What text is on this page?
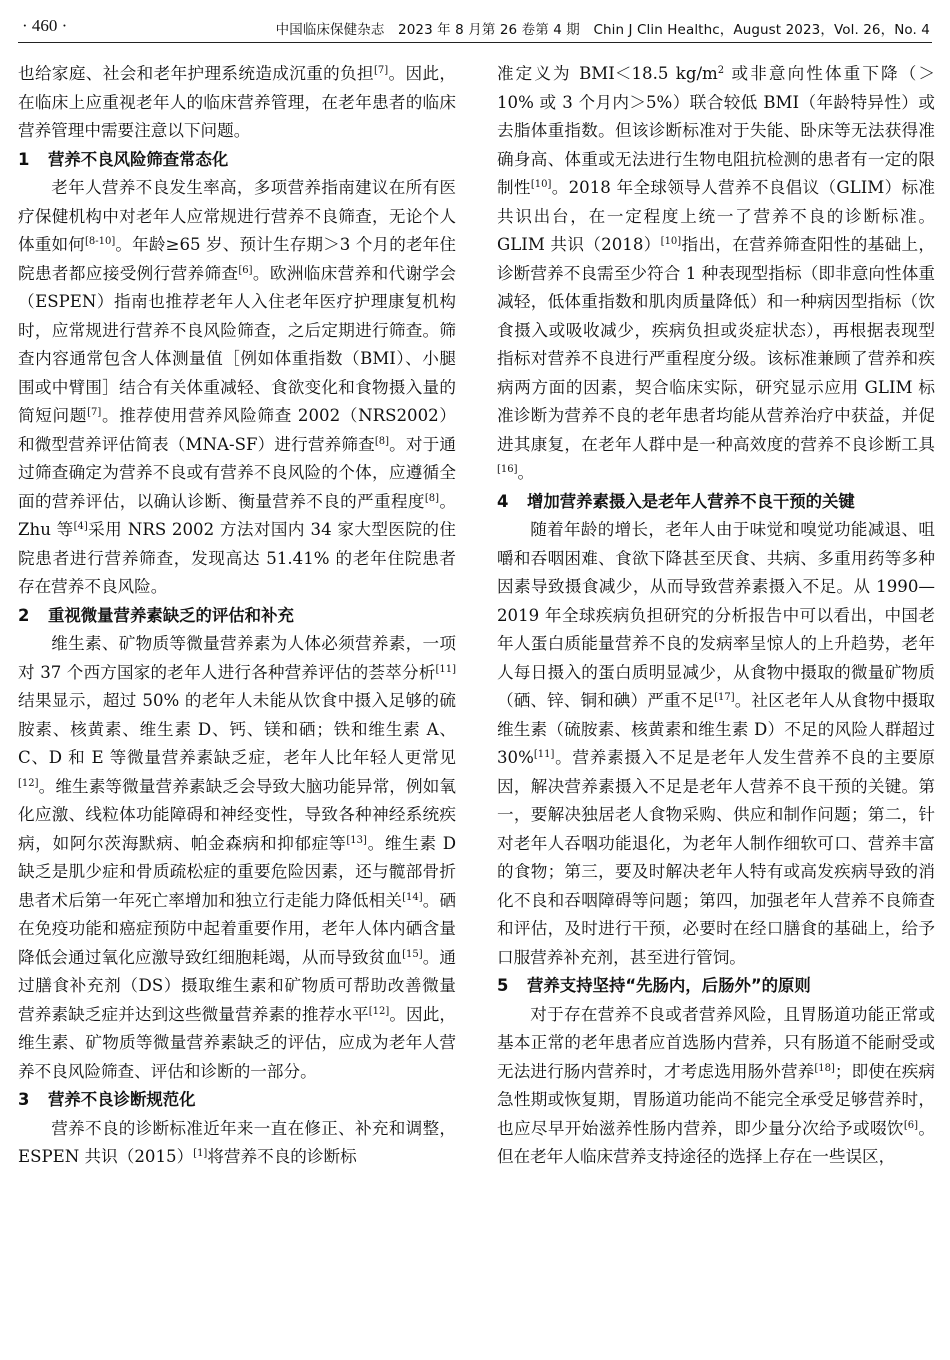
· 460 ·	中国临床保健杂志　2023 年 8 月第 26 卷第 4 期　Chin J Clin Healthc，August 2023，Vol. 26，No. 4

也给家庭、社会和老年护理系统造成沉重的负担[7]。因此，在临床上应重视老年人的临床营养管理，在老年患者的临床营养管理中需要注意以下问题。

1 营养不良风险筛查常态化

老年人营养不良发生率高，多项营养指南建议在所有医疗保健机构中对老年人应常规进行营养不良筛查，无论个人体重如何[8-10]。年龄≥65 岁、预计生存期＞3 个月的老年住院患者都应接受例行营养筛查[6]。欧洲临床营养和代谢学会（ESPEN）指南也推荐老年人入住老年医疗护理康复机构时，应常规进行营养不良风险筛查，之后定期进行筛查。筛查内容通常包含人体测量值［例如体重指数（BMI）、小腿围或中臂围］结合有关体重减轻、食欲变化和食物摄入量的简短问题[7]。推荐使用营养风险筛查 2002（NRS2002）和微型营养评估简表（MNA-SF）进行营养筛查[8]。对于通过筛查确定为营养不良或有营养不良风险的个体，应遵循全面的营养评估，以确认诊断、衡量营养不良的严重程度[8]。Zhu 等[4]采用 NRS 2002 方法对国内 34 家大型医院的住院患者进行营养筛查，发现高达 51.41% 的老年住院患者存在营养不良风险。

2 重视微量营养素缺乏的评估和补充

维生素、矿物质等微量营养素为人体必须营养素，一项对 37 个西方国家的老年人进行各种营养评估的荟萃分析[11]结果显示，超过 50% 的老年人未能从饮食中摄入足够的硫胺素、核黄素、维生素 D、钙、镁和硒；铁和维生素 A、C、D 和 E 等微量营养素缺乏症，老年人比年轻人更常见[12]。维生素等微量营养素缺乏会导致大脑功能异常，例如氧化应激、线粒体功能障碍和神经变性，导致各种神经系统疾病，如阿尔茨海默病、帕金森病和抑郁症等[13]。维生素 D 缺乏是肌少症和骨质疏松症的重要危险因素，还与髋部骨折患者术后第一年死亡率增加和独立行走能力降低相关[14]。硒在免疫功能和癌症预防中起着重要作用，老年人体内硒含量降低会通过氧化应激导致红细胞耗竭，从而导致贫血[15]。通过膳食补充剂（DS）摄取维生素和矿物质可帮助改善微量营养素缺乏症并达到这些微量营养素的推荐水平[12]。因此，维生素、矿物质等微量营养素缺乏的评估，应成为老年人营养不良风险筛查、评估和诊断的一部分。

3 营养不良诊断规范化

营养不良的诊断标准近年来一直在修正、补充和调整，ESPEN 共识（2015）[1]将营养不良的诊断标

准定义为 BMI＜18.5 $kg/m^2$ 或非意向性体重下降（＞10% 或 3 个月内＞5%）联合较低 BMI（年龄特异性）或去脂体重指数。但该诊断标准对于失能、卧床等无法获得准确身高、体重或无法进行生物电阻抗检测的患者有一定的限制性[10]。2018 年全球领导人营养不良倡议（GLIM）标准共识出台，在一定程度上统一了营养不良的诊断标准。GLIM 共识（2018）[10]指出，在营养筛查阳性的基础上，诊断营养不良需至少符合 1 种表现型指标（即非意向性体重减轻，低体重指数和肌肉质量降低）和一种病因型指标（饮食摄入或吸收减少，疾病负担或炎症状态），再根据表现型指标对营养不良进行严重程度分级。该标准兼顾了营养和疾病两方面的因素，契合临床实际，研究显示应用 GLIM 标准诊断为营养不良的老年患者均能从营养治疗中获益，并促进其康复，在老年人群中是一种高效度的营养不良诊断工具[16]。

4 增加营养素摄入是老年人营养不良干预的关键

随着年龄的增长，老年人由于味觉和嗅觉功能减退、咀嚼和吞咽困难、食欲下降甚至厌食、共病、多重用药等多种因素导致摄食减少，从而导致营养素摄入不足。从 1990—2019 年全球疾病负担研究的分析报告中可以看出，中国老年人蛋白质能量营养不良的发病率呈惊人的上升趋势，老年人每日摄入的蛋白质明显减少，从食物中摄取的微量矿物质（硒、锌、铜和碘）严重不足[17]。社区老年人从食物中摄取维生素（硫胺素、核黄素和维生素 D）不足的风险人群超过 30%[11]。营养素摄入不足是老年人发生营养不良的主要原因，解决营养素摄入不足是老年人营养不良干预的关键。第一，要解决独居老人食物采购、供应和制作问题；第二，针对老年人吞咽功能退化，为老年人制作细软可口、营养丰富的食物；第三，要及时解决老年人特有或高发疾病导致的消化不良和吞咽障碍等问题；第四，加强老年人营养不良筛查和评估，及时进行干预，必要时在经口膳食的基础上，给予口服营养补充剂，甚至进行管饲。

5 营养支持坚持“先肠内，后肠外”的原则

对于存在营养不良或者营养风险，且胃肠道功能正常或基本正常的老年患者应首选肠内营养，只有肠道不能耐受或无法进行肠内营养时，才考虑选用肠外营养[18]；即使在疾病急性期或恢复期，胃肠道功能尚不能完全承受足够营养时，也应尽早开始滋养性肠内营养，即少量分次给予或啜饮[6]。但在老年人临床营养支持途径的选择上存在一些误区，
